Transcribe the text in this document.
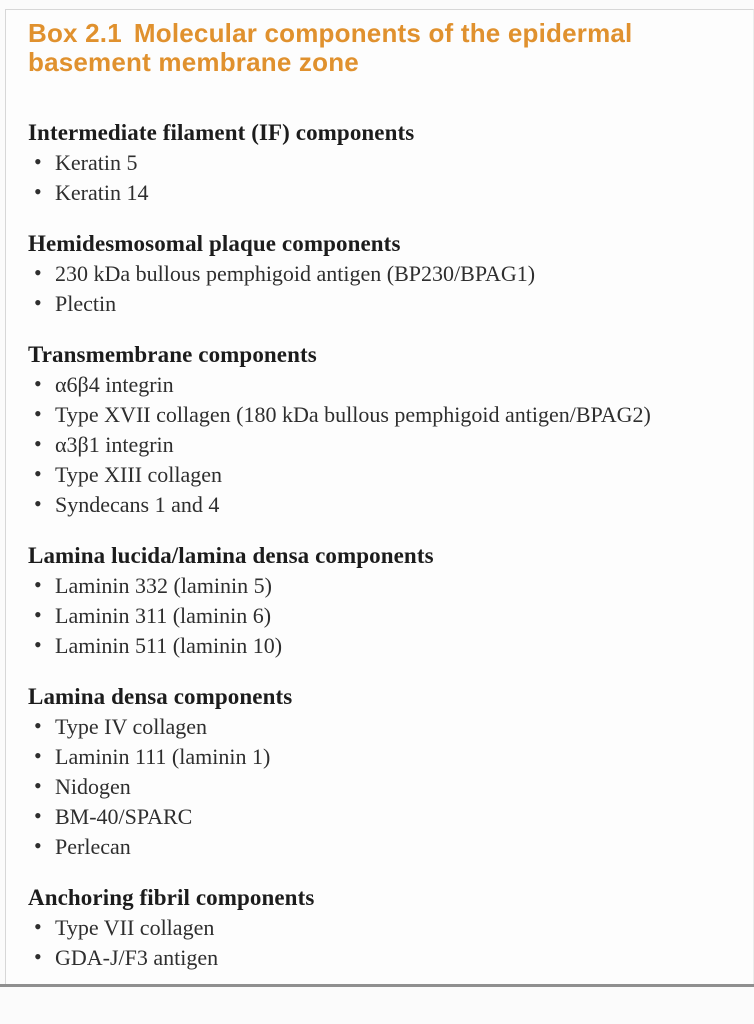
Box 2.1 Molecular components of the epidermal basement membrane zone
Intermediate filament (IF) components
• Keratin 5
• Keratin 14
Hemidesmosomal plaque components
• 230 kDa bullous pemphigoid antigen (BP230/BPAG1)
• Plectin
Transmembrane components
• α6β4 integrin
• Type XVII collagen (180 kDa bullous pemphigoid antigen/BPAG2)
• α3β1 integrin
• Type XIII collagen
• Syndecans 1 and 4
Lamina lucida/lamina densa components
• Laminin 332 (laminin 5)
• Laminin 311 (laminin 6)
• Laminin 511 (laminin 10)
Lamina densa components
• Type IV collagen
• Laminin 111 (laminin 1)
• Nidogen
• BM-40/SPARC
• Perlecan
Anchoring fibril components
• Type VII collagen
• GDA-J/F3 antigen
